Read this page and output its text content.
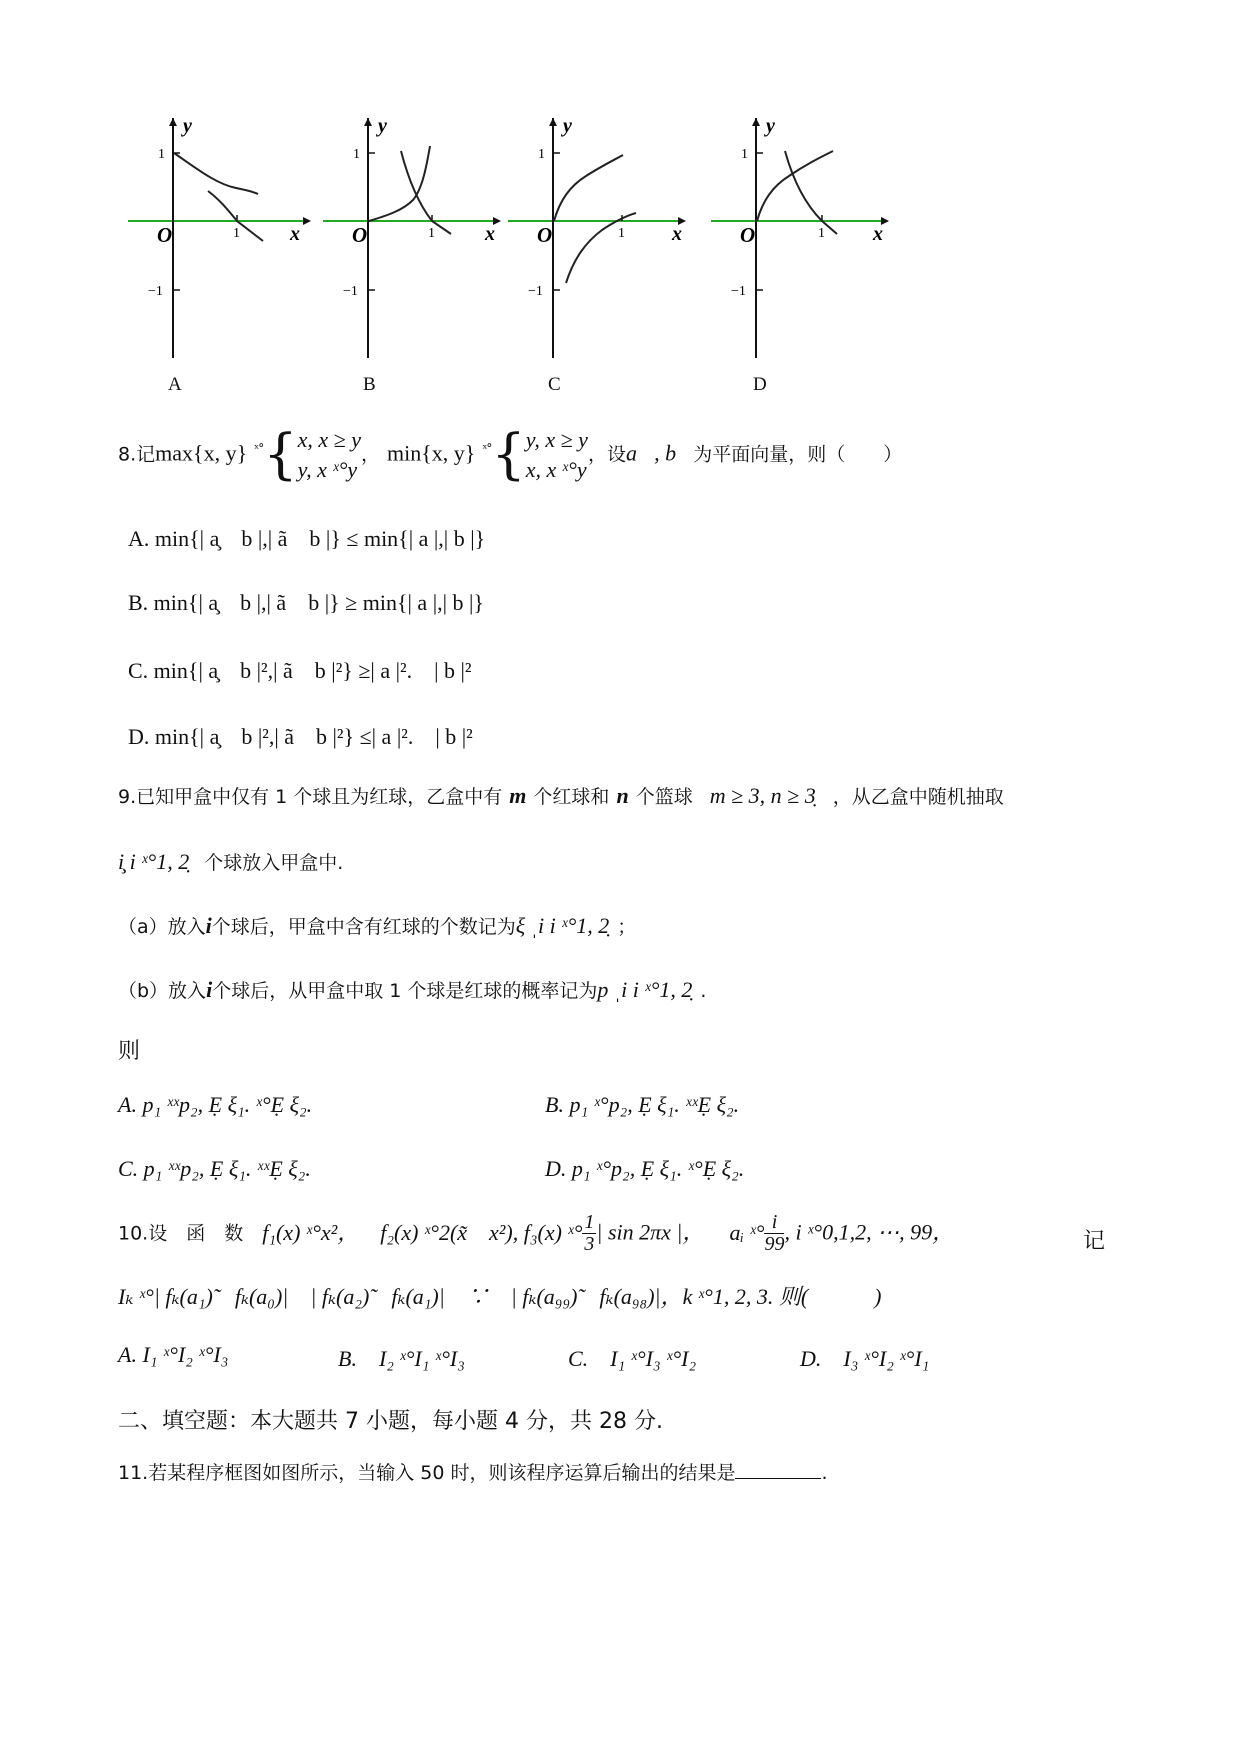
y
x
O	1
1
−1
A
y
x
O	1
1
−1
B
y
x
O	1
1
−1
C
y
x
O	1
1
−1
D
8.记max{x, y} $^{ˣ^\circ}${x, x ≥ y
y, x ˣ°y， min{x, y} $^{ˣ^\circ}${y, x ≥ y
x, x ˣ°y，设a⃗, b⃗为平面向量，则（　　）
A. min{| a̧　b |,| ã　b |} ≤ min{| a |,| b |}
B. min{| a̧　b |,| ã　b |} ≥ min{| a |,| b |}
C. min{| a̧　b |²,| ã　b |²} ≥| a |².　| b |²
D. min{| a̧　b |²,| ã　b |²} ≤| a |².　| b |²
9.已知甲盒中仅有 1 个球且为红球，乙盒中有 m 个红球和 n 个篮球 m ≥ 3, n ≥ 3̣ ，从乙盒中随机抽取
i̧ i ˣ°1, 2̣ 个球放入甲盒中.
（a）放入i个球后，甲盒中含有红球的个数记为ξ ˌi i ˣ°1, 2̣ ；
（b）放入i个球后，从甲盒中取 1 个球是红球的概率记为p ˌi i ˣ°1, 2̣ .
则
A. p₁ ˣˣp₂, Ẹ ξ₁. ˣ°Ẹ ξ₂.	B. p₁ ˣ°p₂, Ẹ ξ₁. ˣˣẸ ξ₂.
C. p₁ ˣˣp₂, Ẹ ξ₁. ˣˣẸ ξ₂.	D. p₁ ˣ°p₂, Ẹ ξ₁. ˣ°Ẹ ξ₂.
10.设　函　数 f₁(x) ˣ°x²， f₂(x) ˣ°2(x̃　x²), f₃(x) ˣ° $\frac{1}{3}$ | sin 2πx |， aᵢ ˣ° $\frac{i}{99}$ , i ˣ°0,1,2, ⋯, 99，	记
Iₖ ˣ°| fₖ(a₁)̃　fₖ(a₀)|　| fₖ(a₂)̃　fₖ(a₁)|　∵　| fₖ(a₉₉)̃　fₖ(a₉₈)|，k ˣ°1, 2, 3. 则(　　　)
A. I₁ ˣ°I₂ ˣ°I₃	B.　I₂ ˣ°I₁ ˣ°I₃	C.　I₁ ˣ°I₃ ˣ°I₂	D.　I₃ ˣ°I₂ ˣ°I₁
二、填空题：本大题共 7 小题，每小题 4 分，共 28 分.
11.若某程序框图如图所示，当输入 50 时，则该程序运算后输出的结果是	.
